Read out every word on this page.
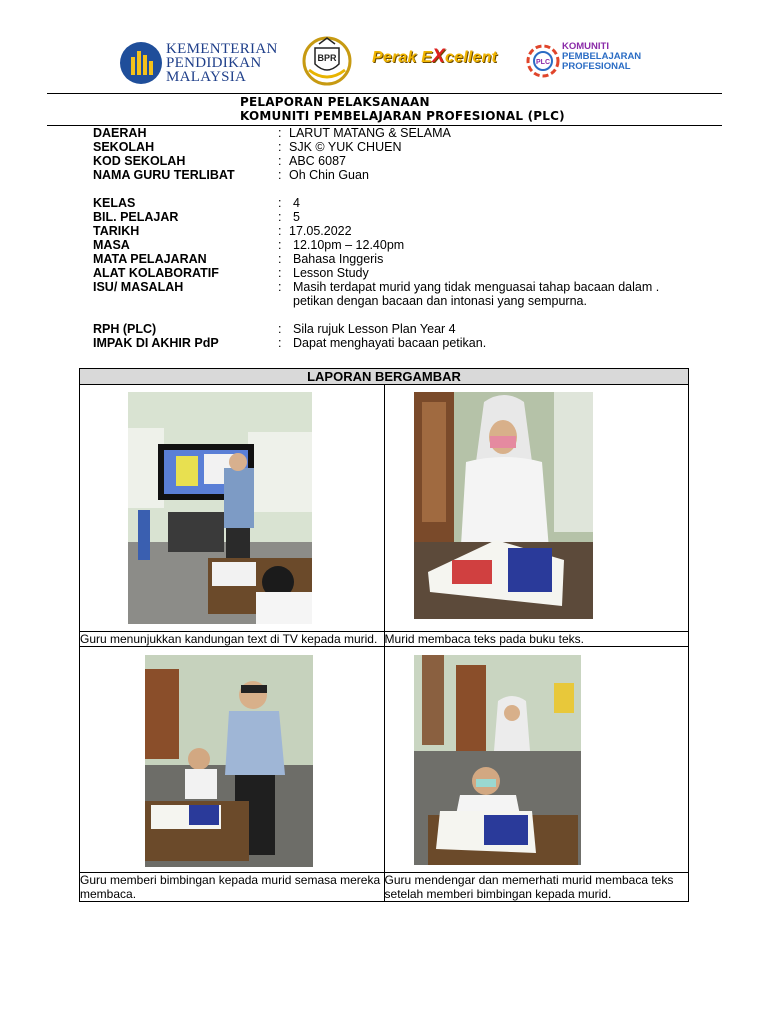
KEMENTERIAN
PENDIDIKAN
MALAYSIA
BPR Perak EXcellent	PLC
KOMUNITI
PEMBELAJARAN
PROFESIONAL
PELAPORAN PELAKSANAAN
KOMUNITI PEMBELAJARAN PROFESIONAL (PLC)
DAERAH	: LARUT MATANG & SELAMA
SEKOLAH	: SJK © YUK CHUEN
KOD SEKOLAH	: ABC 6087
NAMA GURU TERLIBAT	: Oh Chin Guan
KELAS	: 4
BIL. PELAJAR	: 5
TARIKH	: 17.05.2022
MASA	: 12.10pm – 12.40pm
MATA PELAJARAN	: Bahasa Inggeris
ALAT KOLABORATIF	: Lesson Study
ISU/ MASALAH	: Masih terdapat murid yang tidak menguasai tahap bacaan dalam .
petikan dengan bacaan dan intonasi yang sempurna.
RPH (PLC)	: Sila rujuk Lesson Plan Year 4
IMPAK DI AKHIR PdP	: Dapat menghayati bacaan petikan.
LAPORAN BERGAMBAR	

Guru menunjukkan kandungan text di TV kepada murid.	Murid membaca teks pada buku teks.

Guru memberi bimbingan kepada murid semasa mereka membaca.	Guru mendengar dan memerhati murid membaca teks setelah memberi bimbingan kepada murid.
